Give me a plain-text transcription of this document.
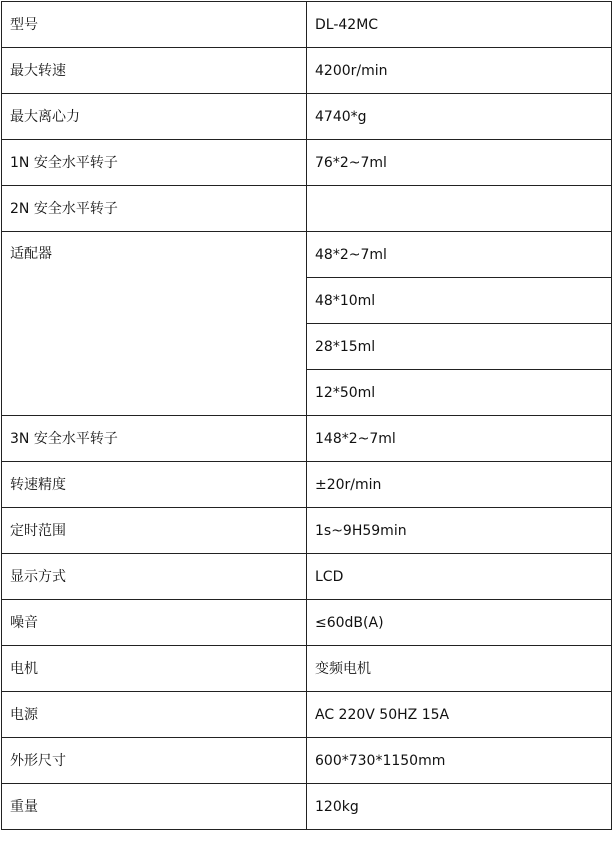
型号	DL-42MC
最大转速	4200r/min
最大离心力	4740*g
1N 安全水平转子	76*2~7ml
2N 安全水平转子	
适配器	48*2~7ml
	48*10ml
	28*15ml
	12*50ml
3N 安全水平转子	148*2~7ml
转速精度	±20r/min
定时范围	1s~9H59min
显示方式	LCD
噪音	≤60dB(A)
电机	变频电机
电源	AC 220V 50HZ 15A
外形尺寸	600*730*1150mm
重量	120kg
